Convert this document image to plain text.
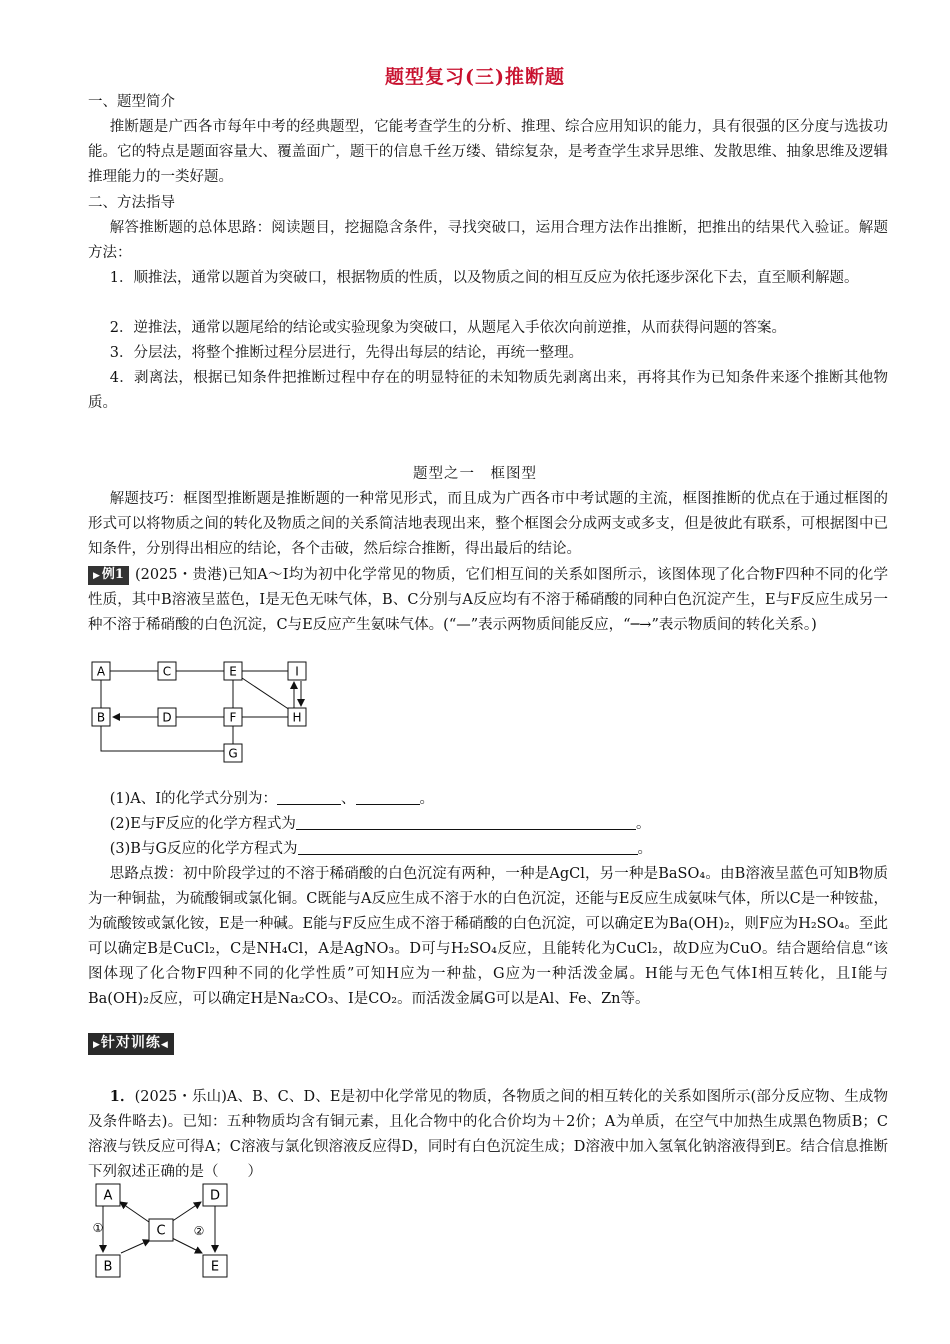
题型复习(三)推断题
一、题型简介

推断题是广西各市每年中考的经典题型，它能考查学生的分析、推理、综合应用知识的能力，具有很强的区分度与选拔功能。它的特点是题面容量大、覆盖面广，题干的信息千丝万缕、错综复杂，是考查学生求异思维、发散思维、抽象思维及逻辑推理能力的一类好题。

二、方法指导

解答推断题的总体思路：阅读题目，挖掘隐含条件，寻找突破口，运用合理方法作出推断，把推出的结果代入验证。解题方法：

1．顺推法，通常以题首为突破口，根据物质的性质，以及物质之间的相互反应为依托逐步深化下去，直至顺利解题。

2．逆推法，通常以题尾给的结论或实验现象为突破口，从题尾入手依次向前逆推，从而获得问题的答案。

3．分层法，将整个推断过程分层进行，先得出每层的结论，再统一整理。

4．剥离法，根据已知条件把推断过程中存在的明显特征的未知物质先剥离出来，再将其作为已知条件来逐个推断其他物质。

题型之一　框图型

解题技巧：框图型推断题是推断题的一种常见形式，而且成为广西各市中考试题的主流，框图推断的优点在于通过框图的形式可以将物质之间的转化及物质之间的关系简洁地表现出来，整个框图会分成两支或多支，但是彼此有联系，可根据图中已知条件，分别得出相应的结论，各个击破，然后综合推断，得出最后的结论。

▶ 例1 (2025・贵港)已知A～I均为初中化学常见的物质，它们相互间的关系如图所示，该图体现了化合物F四种不同的化学性质，其中B溶液呈蓝色，I是无色无味气体，B、C分别与A反应均有不溶于稀硝酸的同种白色沉淀产生，E与F反应生成另一种不溶于稀硝酸的白色沉淀，C与E反应产生氨味气体。(“—”表示两物质间能反应，“─→”表示物质间的转化关系。)

A	C	E	I
B	D	F	H
G

(1)A、I的化学式分别为：	、	。

(2)E与F反应的化学方程式为	。

(3)B与G反应的化学方程式为	。

思路点拨：初中阶段学过的不溶于稀硝酸的白色沉淀有两种，一种是AgCl，另一种是BaSO₄。由B溶液呈蓝色可知B物质为一种铜盐，为硫酸铜或氯化铜。C既能与A反应生成不溶于水的白色沉淀，还能与E反应生成氨味气体，所以C是一种铵盐，为硫酸铵或氯化铵，E是一种碱。E能与F反应生成不溶于稀硝酸的白色沉淀，可以确定E为Ba(OH)₂，则F应为H₂SO₄。至此可以确定B是CuCl₂，C是NH₄Cl，A是AgNO₃。D可与H₂SO₄反应，且能转化为CuCl₂，故D应为CuO。结合题给信息“该图体现了化合物F四种不同的化学性质”可知H应为一种盐，G应为一种活泼金属。H能与无色气体I相互转化，且I能与Ba(OH)₂反应，可以确定H是Na₂CO₃、I是CO₂。而活泼金属G可以是Al、Fe、Zn等。

▶针对训练◀

1．(2025・乐山)A、B、C、D、E是初中化学常见的物质，各物质之间的相互转化的关系如图所示(部分反应物、生成物及条件略去)。已知：五种物质均含有铜元素，且化合物中的化合价均为＋2价；A为单质，在空气中加热生成黑色物质B；C溶液与铁反应可得A；C溶液与氯化钡溶液反应得D，同时有白色沉淀生成；D溶液中加入氢氧化钠溶液得到E。结合信息推断下列叙述正确的是（　　）

A	D
C
B	E
①	②
